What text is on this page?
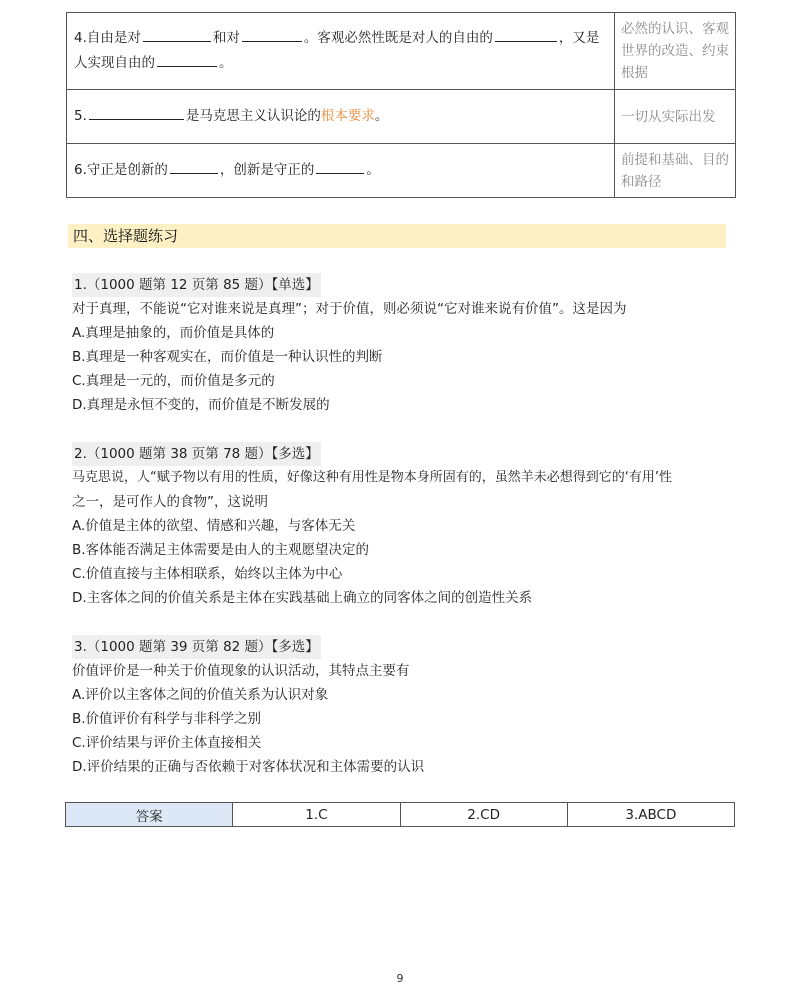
4.自由是对 和对 。客观必然性既是对人的自由的 ，又是人实现自由的 。	必然的认识、客观世界的改造、约束根据
5. 是马克思主义认识论的根本要求。	一切从实际出发
6.守正是创新的 ，创新是守正的 。	前提和基础、目的和路径
四、选择题练习
1.（1000 题第 12 页第 85 题）【单选】
对于真理，不能说“它对谁来说是真理”；对于价值，则必须说“它对谁来说有价值”。这是因为
A.真理是抽象的，而价值是具体的
B.真理是一种客观实在，而价值是一种认识性的判断
C.真理是一元的，而价值是多元的
D.真理是永恒不变的，而价值是不断发展的
2.（1000 题第 38 页第 78 题）【多选】
马克思说，人“赋予物以有用的性质，好像这种有用性是物本身所固有的，虽然羊未必想得到它的‘有用’性
之一，是可作人的食物”，这说明
A.价值是主体的欲望、情感和兴趣，与客体无关
B.客体能否满足主体需要是由人的主观愿望决定的
C.价值直接与主体相联系，始终以主体为中心
D.主客体之间的价值关系是主体在实践基础上确立的同客体之间的创造性关系
3.（1000 题第 39 页第 82 题）【多选】
价值评价是一种关于价值现象的认识活动，其特点主要有
A.评价以主客体之间的价值关系为认识对象
B.价值评价有科学与非科学之别
C.评价结果与评价主体直接相关
D.评价结果的正确与否依赖于对客体状况和主体需要的认识
答案	1.C	2.CD	3.ABCD
9
